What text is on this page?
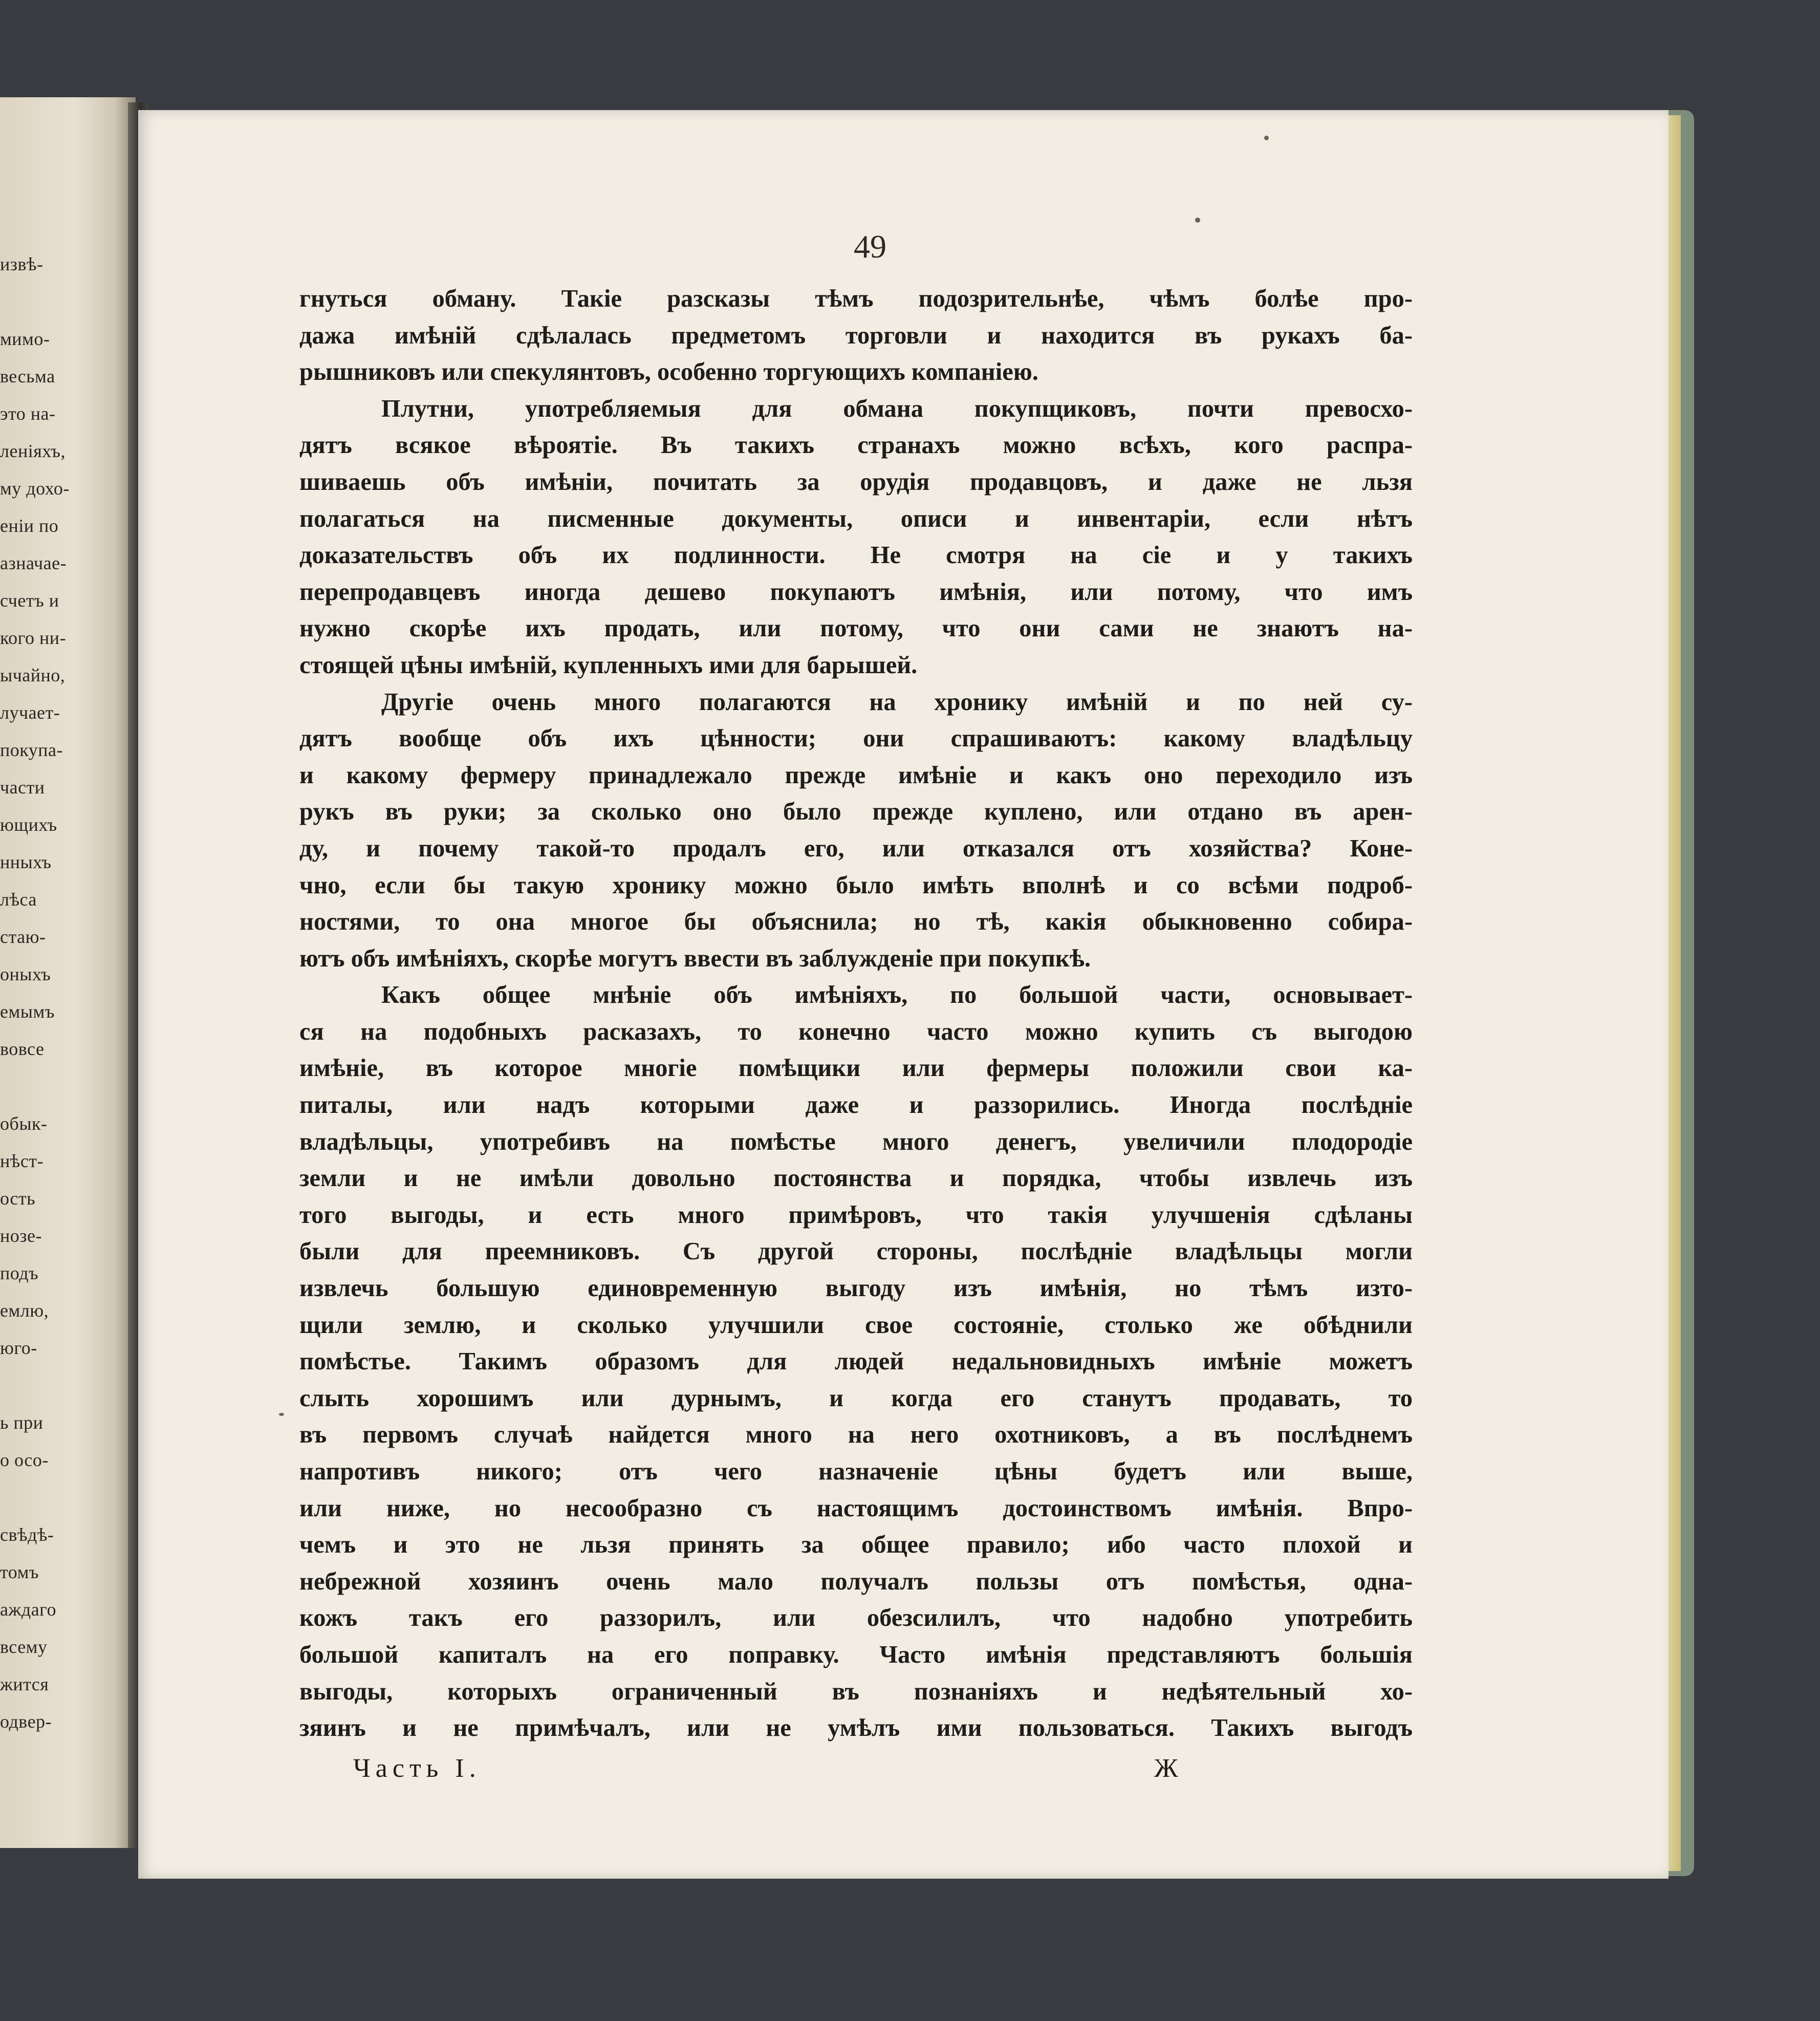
извѣ-
мимо-
весьма
это на-
ленiяхъ,
му дохо-
енiи по
азначае-
счетъ и
кого ни-
ычайно,
лучает-
покупа-
части
ющихъ
нныхъ
лѣса
стаю-
оныхъ
емымъ
вовсе
обык-
нѣст-
ость
нозе-
подъ
емлю,
юго-
ь при
о осо-
свѣдѣ-
томъ
аждаго
всему
жится
одвер-
49
гнуться обману. Такiе разсказы тѣмъ подозрительнѣе, чѣмъ болѣе про-
дажа имѣнiй сдѣлалась предметомъ торговли и находится въ рукахъ ба-
рышниковъ или спекулянтовъ, особенно торгующихъ компанiею.
Плутни, употребляемыя для обмана покупщиковъ, почти превосхо-
дятъ всякое вѣроятiе. Въ такихъ странахъ можно всѣхъ, кого распра-
шиваешь объ имѣнiи, почитать за орудiя продавцовъ, и даже не льзя
полагаться на писменные документы, описи и инвентарiи, если нѣтъ
доказательствъ объ их подлинности. Не смотря на сiе и у такихъ
перепродавцевъ иногда дешево покупаютъ имѣнiя, или потому, что имъ
нужно скорѣе ихъ продать, или потому, что они сами не знаютъ на-
стоящей цѣны имѣнiй, купленныхъ ими для барышей.
Другiе очень много полагаются на хронику имѣнiй и по ней су-
дятъ вообще объ ихъ цѣнности; они спрашиваютъ: какому владѣльцу
и какому фермеру принадлежало прежде имѣнiе и какъ оно переходило изъ
рукъ въ руки; за сколько оно было прежде куплено, или отдано въ арен-
ду, и почему такой-то продалъ его, или отказался отъ хозяйства? Коне-
чно, если бы такую хронику можно было имѣть вполнѣ и со всѣми подроб-
ностями, то она многое бы объяснила; но тѣ, какiя обыкновенно собира-
ютъ объ имѣнiяхъ, скорѣе могутъ ввести въ заблужденiе при покупкѣ.
Какъ общее мнѣнiе объ имѣнiяхъ, по большой части, основывает-
ся на подобныхъ расказахъ, то конечно часто можно купить съ выгодою
имѣнiе, въ которое многiе помѣщики или фермеры положили свои ка-
питалы, или надъ которыми даже и раззорились. Иногда послѣднiе
владѣльцы, употребивъ на помѣстье много денегъ, увеличили плодородiе
земли и не имѣли довольно постоянства и порядка, чтобы извлечь изъ
того выгоды, и есть много примѣровъ, что такiя улучшенiя сдѣланы
были для преемниковъ. Съ другой стороны, послѣднiе владѣльцы могли
извлечь большую единовременную выгоду изъ имѣнiя, но тѣмъ изто-
щили землю, и сколько улучшили свое состоянiе, столько же обѣднили
помѣстье. Такимъ образомъ для людей недальновидныхъ имѣнiе можетъ
слыть хорошимъ или дурнымъ, и когда его станутъ продавать, то
въ первомъ случаѣ найдется много на него охотниковъ, а въ послѣднемъ
напротивъ никого; отъ чего назначенiе цѣны будетъ или выше,
или ниже, но несообразно съ настоящимъ достоинствомъ имѣнiя. Впро-
чемъ и это не льзя принять за общее правило; ибо часто плохой и
небрежной хозяинъ очень мало получалъ пользы отъ помѣстья, одна-
кожъ такъ его раззорилъ, или обезсилилъ, что надобно употребить
большой капиталъ на его поправку. Часто имѣнiя представляютъ большiя
выгоды, которыхъ ограниченный въ познанiяхъ и недѣятельный хо-
зяинъ и не примѣчалъ, или не умѣлъ ими пользоваться. Такихъ выгодъ
Часть I.	Ж
